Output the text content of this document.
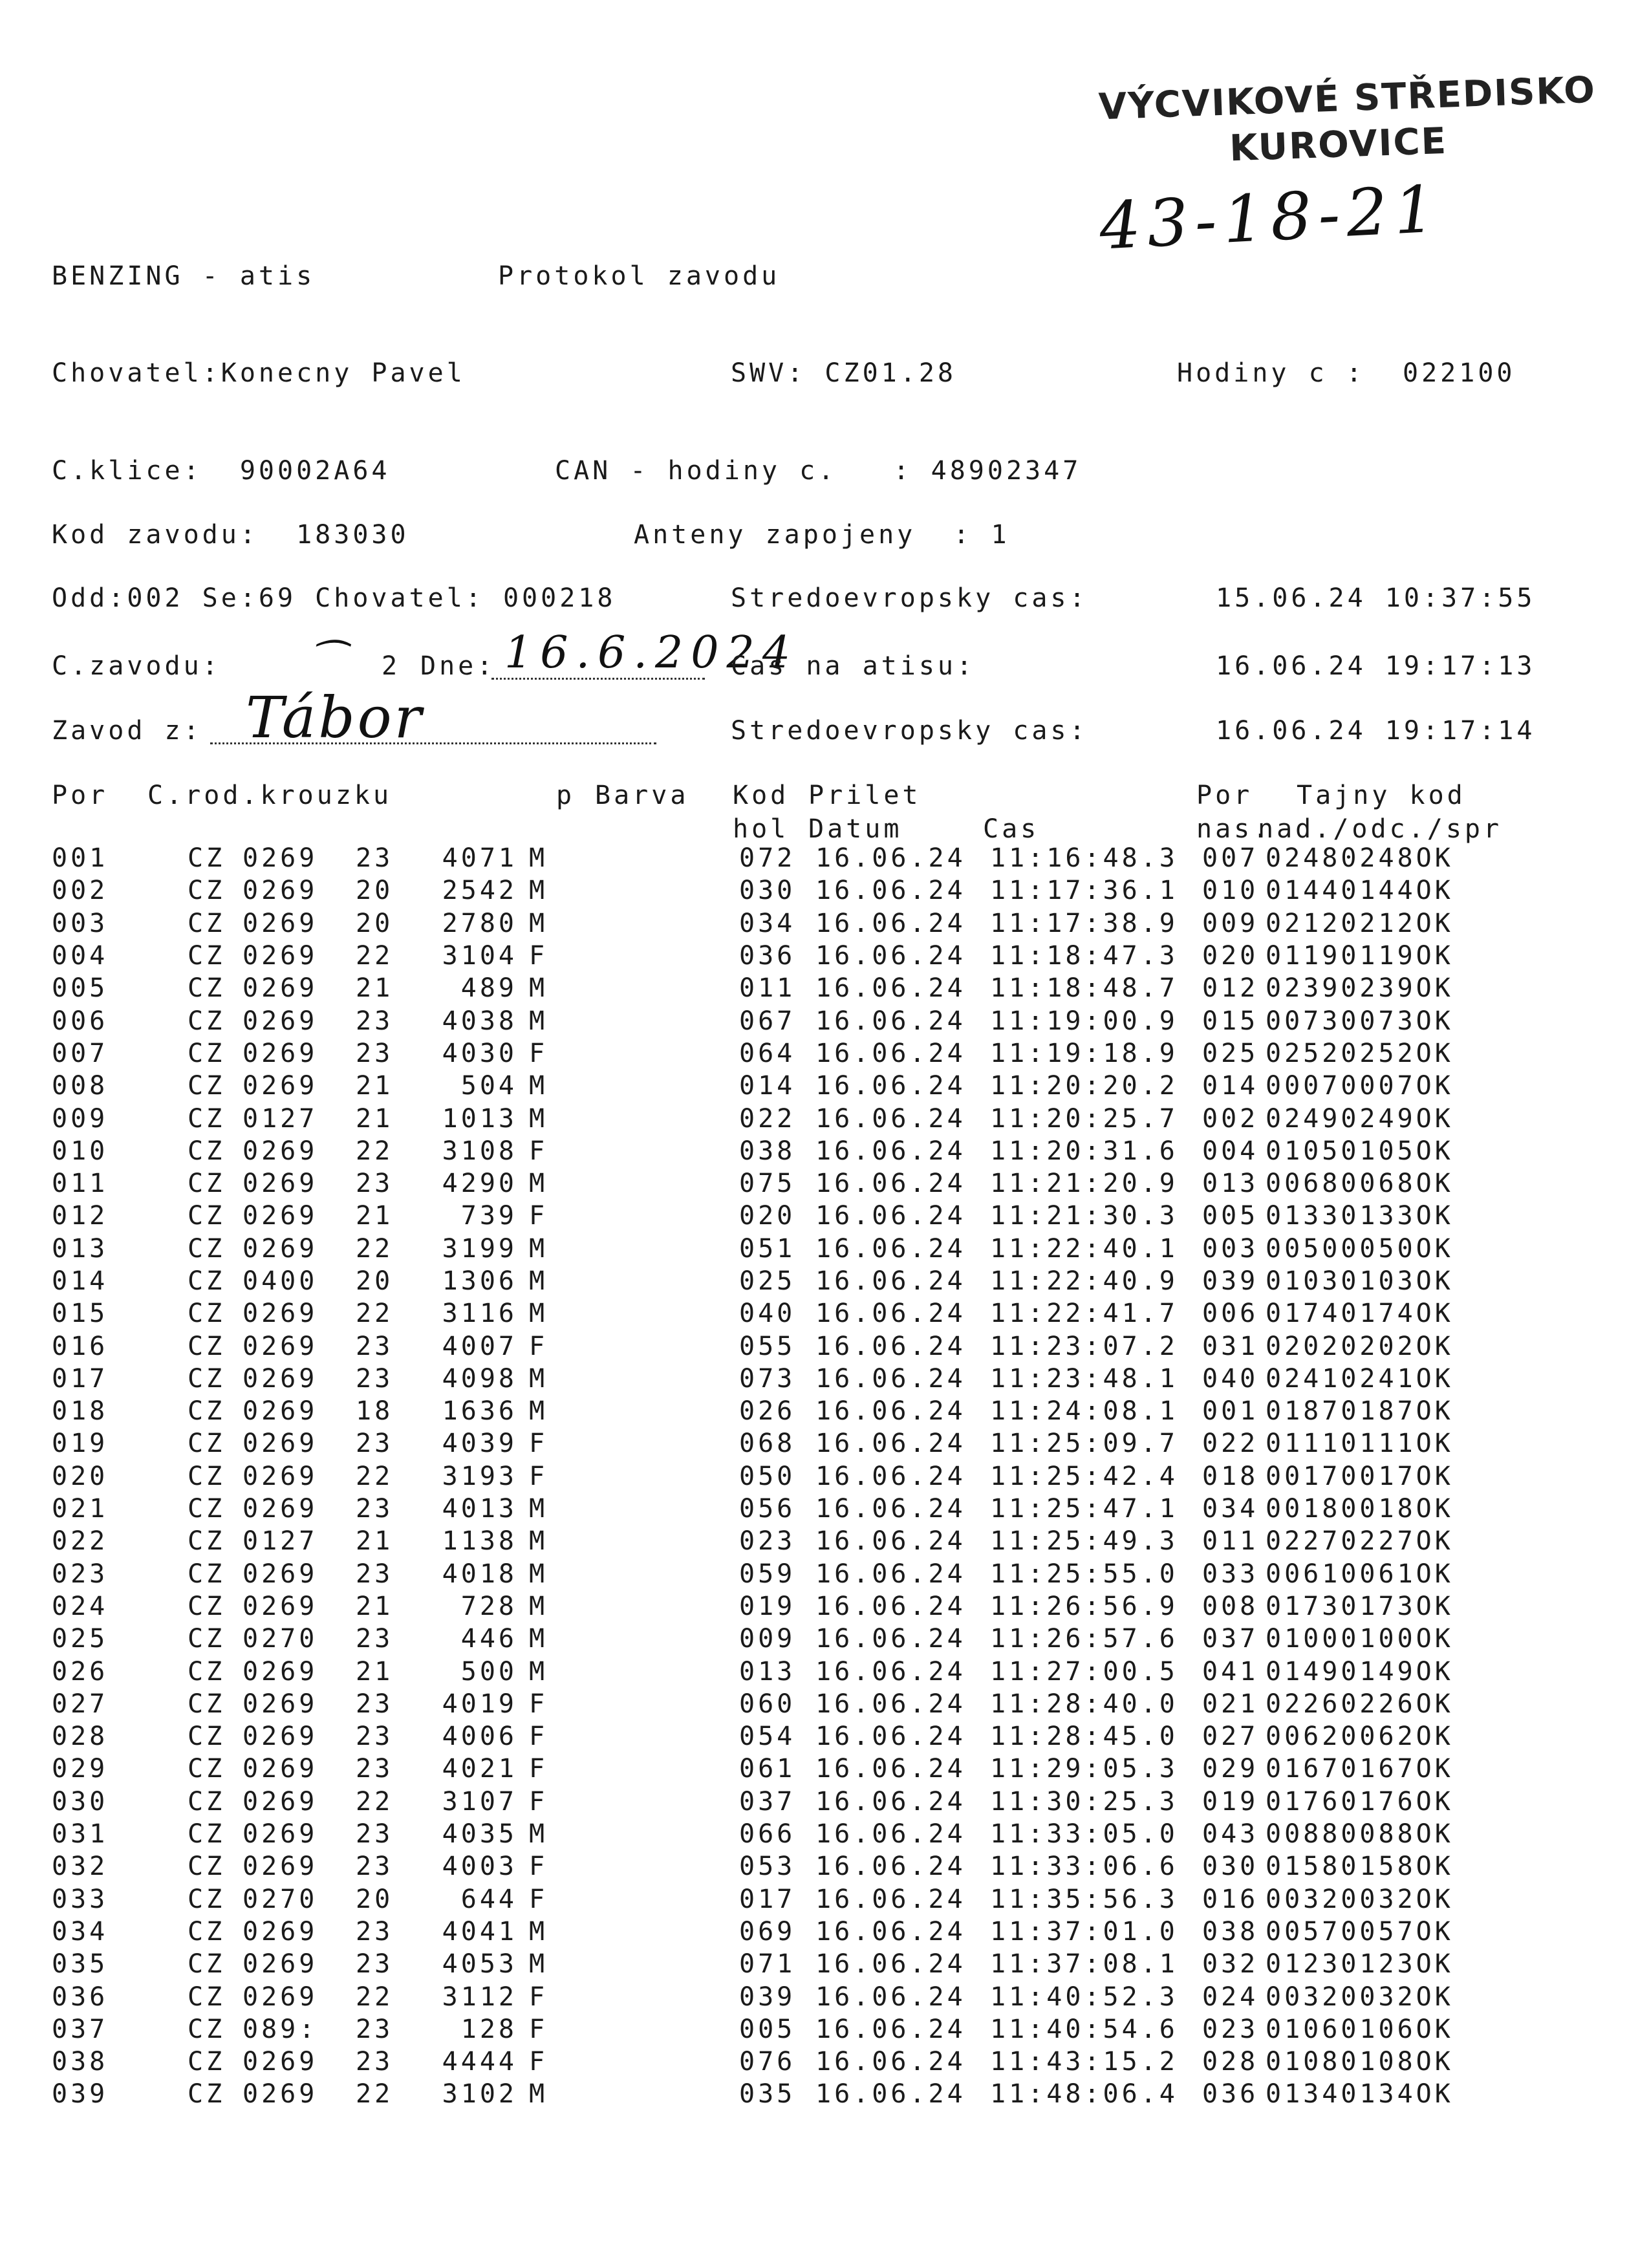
VÝCVIKOVÉ STŘEDISKO
KUROVICE
43-18-21
BENZING - atis	Protokol zavodu
Chovatel:Konecny Pavel	SWV: CZ01.28	Hodiny c :  022100
C.klice:  90002A64	CAN - hodiny c.   : 48902347
Kod zavodu:  183030	Anteny zapojeny  : 1
Odd:002 Se:69 Chovatel: 000218	Stredoevropsky cas:	15.06.24 10:37:55
C.zavodu: ⁀ 2 Dne: 16.6.2024
Cas na atisu:	16.06.24 19:17:13
Zavod z: Tábor	Stredoevropsky cas:	16.06.24 19:17:14
Por C.rod.krouzku	p Barva Kod Prilet	Por Tajny kod
hol Datum	Cas	nas.
nad./odc./spr
001	CZ	0269	23	4071	M	072	16.06.24	11:16:48.3	007	0248	0248	OK
002	CZ	0269	20	2542	M	030	16.06.24	11:17:36.1	010	0144	0144	OK
003	CZ	0269	20	2780	M	034	16.06.24	11:17:38.9	009	0212	0212	OK
004	CZ	0269	22	3104	F	036	16.06.24	11:18:47.3	020	0119	0119	OK
005	CZ	0269	21	489	M	011	16.06.24	11:18:48.7	012	0239	0239	OK
006	CZ	0269	23	4038	M	067	16.06.24	11:19:00.9	015	0073	0073	OK
007	CZ	0269	23	4030	F	064	16.06.24	11:19:18.9	025	0252	0252	OK
008	CZ	0269	21	504	M	014	16.06.24	11:20:20.2	014	0007	0007	OK
009	CZ	0127	21	1013	M	022	16.06.24	11:20:25.7	002	0249	0249	OK
010	CZ	0269	22	3108	F	038	16.06.24	11:20:31.6	004	0105	0105	OK
011	CZ	0269	23	4290	M	075	16.06.24	11:21:20.9	013	0068	0068	OK
012	CZ	0269	21	739	F	020	16.06.24	11:21:30.3	005	0133	0133	OK
013	CZ	0269	22	3199	M	051	16.06.24	11:22:40.1	003	0050	0050	OK
014	CZ	0400	20	1306	M	025	16.06.24	11:22:40.9	039	0103	0103	OK
015	CZ	0269	22	3116	M	040	16.06.24	11:22:41.7	006	0174	0174	OK
016	CZ	0269	23	4007	F	055	16.06.24	11:23:07.2	031	0202	0202	OK
017	CZ	0269	23	4098	M	073	16.06.24	11:23:48.1	040	0241	0241	OK
018	CZ	0269	18	1636	M	026	16.06.24	11:24:08.1	001	0187	0187	OK
019	CZ	0269	23	4039	F	068	16.06.24	11:25:09.7	022	0111	0111	OK
020	CZ	0269	22	3193	F	050	16.06.24	11:25:42.4	018	0017	0017	OK
021	CZ	0269	23	4013	M	056	16.06.24	11:25:47.1	034	0018	0018	OK
022	CZ	0127	21	1138	M	023	16.06.24	11:25:49.3	011	0227	0227	OK
023	CZ	0269	23	4018	M	059	16.06.24	11:25:55.0	033	0061	0061	OK
024	CZ	0269	21	728	M	019	16.06.24	11:26:56.9	008	0173	0173	OK
025	CZ	0270	23	446	M	009	16.06.24	11:26:57.6	037	0100	0100	OK
026	CZ	0269	21	500	M	013	16.06.24	11:27:00.5	041	0149	0149	OK
027	CZ	0269	23	4019	F	060	16.06.24	11:28:40.0	021	0226	0226	OK
028	CZ	0269	23	4006	F	054	16.06.24	11:28:45.0	027	0062	0062	OK
029	CZ	0269	23	4021	F	061	16.06.24	11:29:05.3	029	0167	0167	OK
030	CZ	0269	22	3107	F	037	16.06.24	11:30:25.3	019	0176	0176	OK
031	CZ	0269	23	4035	M	066	16.06.24	11:33:05.0	043	0088	0088	OK
032	CZ	0269	23	4003	F	053	16.06.24	11:33:06.6	030	0158	0158	OK
033	CZ	0270	20	644	F	017	16.06.24	11:35:56.3	016	0032	0032	OK
034	CZ	0269	23	4041	M	069	16.06.24	11:37:01.0	038	0057	0057	OK
035	CZ	0269	23	4053	M	071	16.06.24	11:37:08.1	032	0123	0123	OK
036	CZ	0269	22	3112	F	039	16.06.24	11:40:52.3	024	0032	0032	OK
037	CZ	089:	23	128	F	005	16.06.24	11:40:54.6	023	0106	0106	OK
038	CZ	0269	23	4444	F	076	16.06.24	11:43:15.2	028	0108	0108	OK
039	CZ	0269	22	3102	M	035	16.06.24	11:48:06.4	036	0134	0134	OK
